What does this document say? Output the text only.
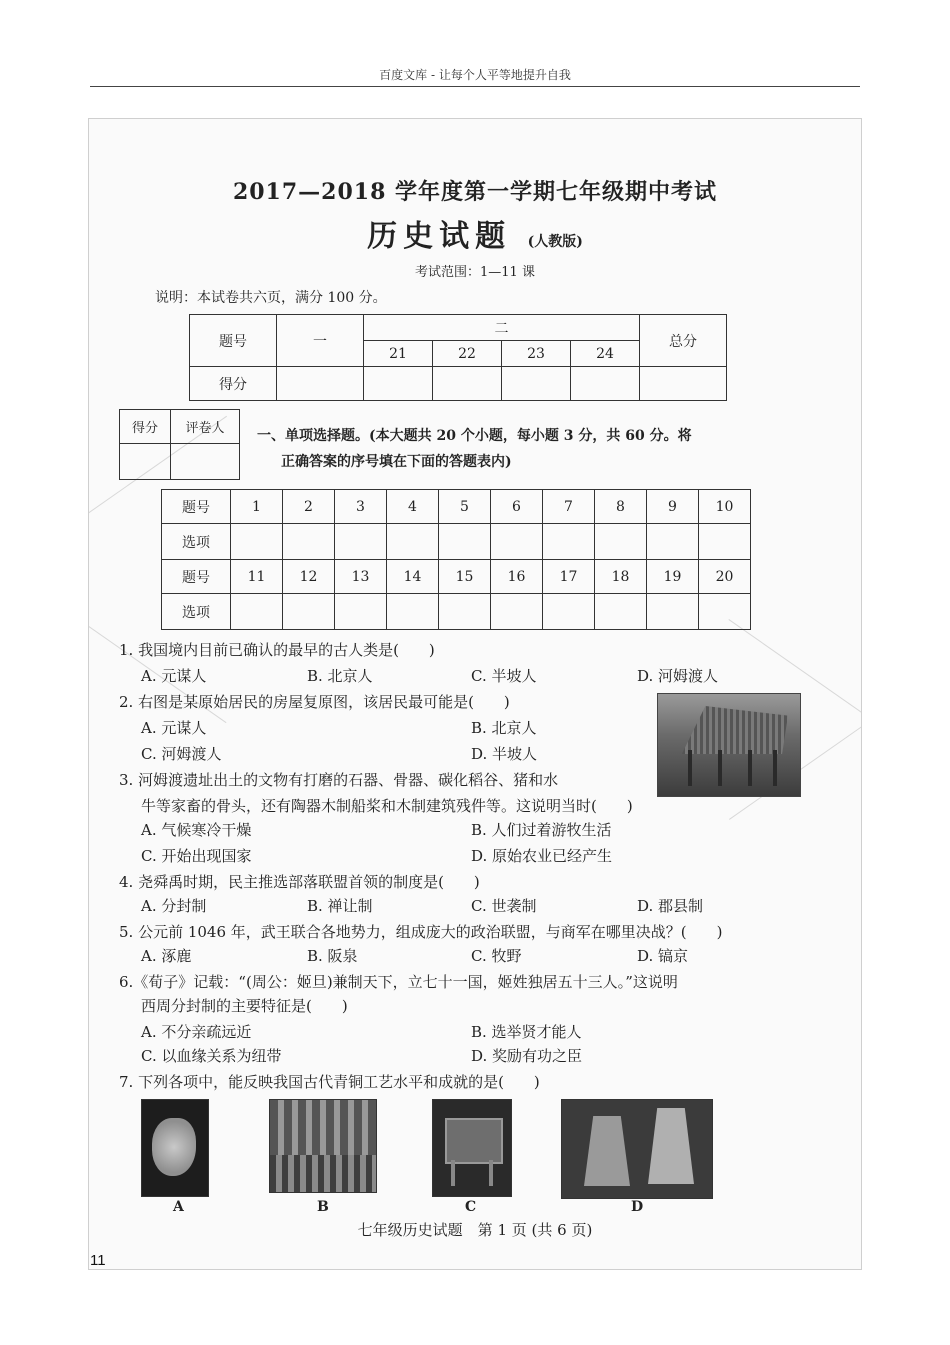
百度文库 - 让每个人平等地提升自我
2017—2018 学年度第一学期七年级期中考试
历史试题 (人教版)
考试范围：1—11 课
说明：本试卷共六页，满分 100 分。
题号	一	二				总分
		21	22	23	24	
得分						
得分	评卷人
	一、单项选择题。(本大题共 20 个小题，每小题 3 分，共 60 分。将
正确答案的序号填在下面的答题表内)
题号	1	2	3	4	5	6	7	8	9	10
选项										
题号	11	12	13	14	15	16	17	18	19	20
选项										
1. 我国境内目前已确认的最早的古人类是(　　)
A. 元谋人	B. 北京人	C. 半坡人	D. 河姆渡人
2. 右图是某原始居民的房屋复原图，该居民最可能是(　　)
A. 元谋人	B. 北京人
C. 河姆渡人	D. 半坡人
3. 河姆渡遗址出土的文物有打磨的石器、骨器、碳化稻谷、猪和水
牛等家畜的骨头，还有陶器木制船桨和木制建筑残件等。这说明当时(　　)
A. 气候寒冷干燥	B. 人们过着游牧生活
C. 开始出现国家	D. 原始农业已经产生
4. 尧舜禹时期，民主推选部落联盟首领的制度是(　　)
A. 分封制	B. 禅让制	C. 世袭制	D. 郡县制
5. 公元前 1046 年，武王联合各地势力，组成庞大的政治联盟，与商军在哪里决战？(　　)
A. 涿鹿	B. 阪泉	C. 牧野	D. 镐京
6.《荀子》记载：“(周公：姬旦)兼制天下，立七十一国，姬姓独居五十三人。”这说明
西周分封制的主要特征是(　　)
A. 不分亲疏远近	B. 选举贤才能人
C. 以血缘关系为纽带	D. 奖励有功之臣
7. 下列各项中，能反映我国古代青铜工艺水平和成就的是(　　)
A	B	C	D
七年级历史试题　第 1 页 (共 6 页)
11
